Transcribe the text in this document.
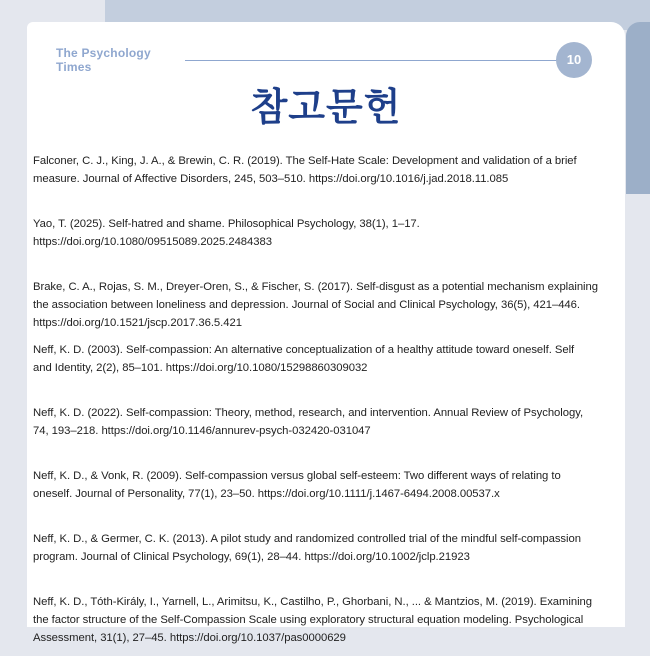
The Psychology
Times	10
참고문헌
Falconer, C. J., King, J. A., & Brewin, C. R. (2019). The Self-Hate Scale: Development and validation of a brief
measure. Journal of Affective Disorders, 245, 503–510. https://doi.org/10.1016/j.jad.2018.11.085
Yao, T. (2025). Self-hatred and shame. Philosophical Psychology, 38(1), 1–17.
https://doi.org/10.1080/09515089.2025.2484383
Brake, C. A., Rojas, S. M., Dreyer-Oren, S., & Fischer, S. (2017). Self-disgust as a potential mechanism explaining
the association between loneliness and depression. Journal of Social and Clinical Psychology, 36(5), 421–446.
https://doi.org/10.1521/jscp.2017.36.5.421
Neff, K. D. (2003). Self-compassion: An alternative conceptualization of a healthy attitude toward oneself. Self
and Identity, 2(2), 85–101. https://doi.org/10.1080/15298860309032
Neff, K. D. (2022). Self-compassion: Theory, method, research, and intervention. Annual Review of Psychology,
74, 193–218. https://doi.org/10.1146/annurev-psych-032420-031047
Neff, K. D., & Vonk, R. (2009). Self-compassion versus global self-esteem: Two different ways of relating to
oneself. Journal of Personality, 77(1), 23–50. https://doi.org/10.1111/j.1467-6494.2008.00537.x
Neff, K. D., & Germer, C. K. (2013). A pilot study and randomized controlled trial of the mindful self-compassion
program. Journal of Clinical Psychology, 69(1), 28–44. https://doi.org/10.1002/jclp.21923
Neff, K. D., Tóth-Király, I., Yarnell, L., Arimitsu, K., Castilho, P., Ghorbani, N., ... & Mantzios, M. (2019). Examining
the factor structure of the Self-Compassion Scale using exploratory structural equation modeling. Psychological
Assessment, 31(1), 27–45. https://doi.org/10.1037/pas0000629
